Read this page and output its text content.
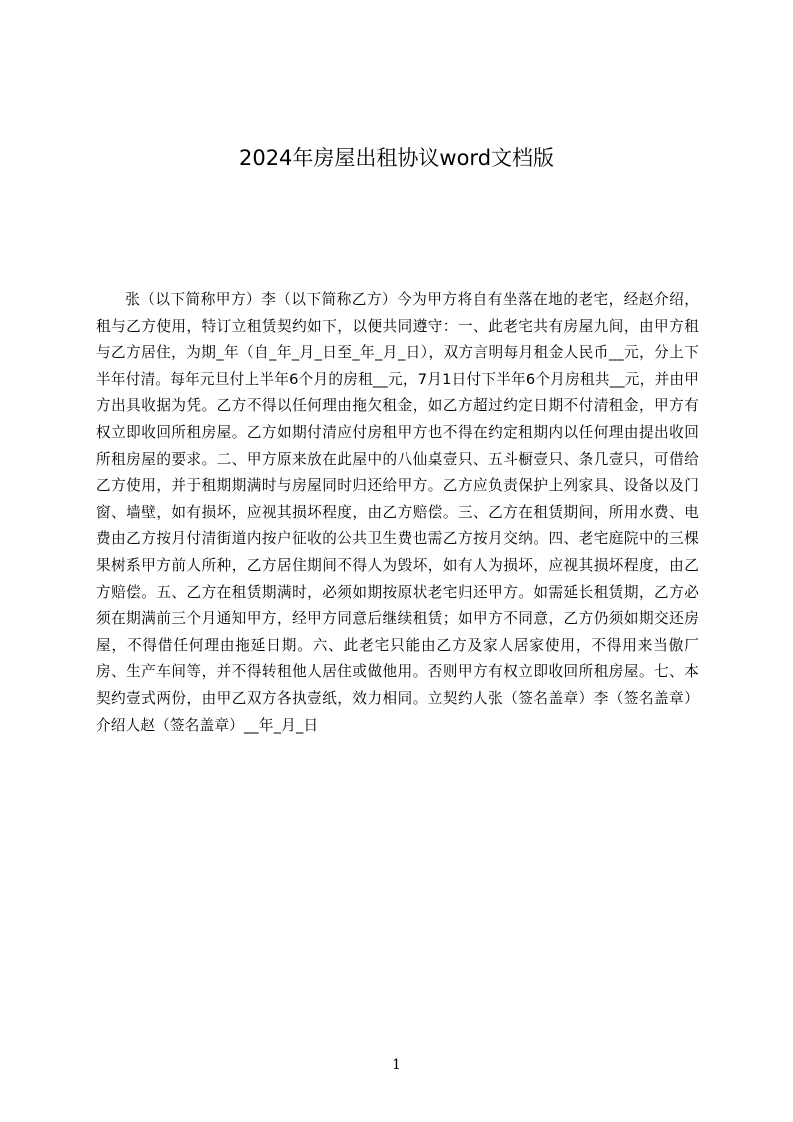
2024年房屋出租协议word文档版

张（以下简称甲方）李（以下简称乙方）今为甲方将自有坐落在地的老宅，经赵介绍，租与乙方使用，特订立租赁契约如下，以便共同遵守：一、此老宅共有房屋九间，由甲方租与乙方居住，为期_年（自_年_月_日至_年_月_日），双方言明每月租金人民币__元，分上下半年付清。每年元旦付上半年6个月的房租__元，7月1日付下半年6个月房租共__元，并由甲方出具收据为凭。乙方不得以任何理由拖欠租金，如乙方超过约定日期不付清租金，甲方有权立即收回所租房屋。乙方如期付清应付房租甲方也不得在约定租期内以任何理由提出收回所租房屋的要求。二、甲方原来放在此屋中的八仙桌壹只、五斗橱壹只、条几壹只，可借给乙方使用，并于租期期满时与房屋同时归还给甲方。乙方应负责保护上列家具、设备以及门窗、墙壁，如有损坏，应视其损坏程度，由乙方赔偿。三、乙方在租赁期间，所用水费、电费由乙方按月付清街道内按户征收的公共卫生费也需乙方按月交纳。四、老宅庭院中的三棵果树系甲方前人所种，乙方居住期间不得人为毁坏，如有人为损坏，应视其损坏程度，由乙方赔偿。五、乙方在租赁期满时，必须如期按原状老宅归还甲方。如需延长租赁期，乙方必须在期满前三个月通知甲方，经甲方同意后继续租赁；如甲方不同意，乙方仍须如期交还房屋，不得借任何理由拖延日期。六、此老宅只能由乙方及家人居家使用，不得用来当傲厂房、生产车间等，并不得转租他人居住或做他用。否则甲方有权立即收回所租房屋。七、本契约壹式两份，由甲乙双方各执壹纸，效力相同。立契约人张（签名盖章）李（签名盖章）介绍人赵（签名盖章）__年_月_日

1
